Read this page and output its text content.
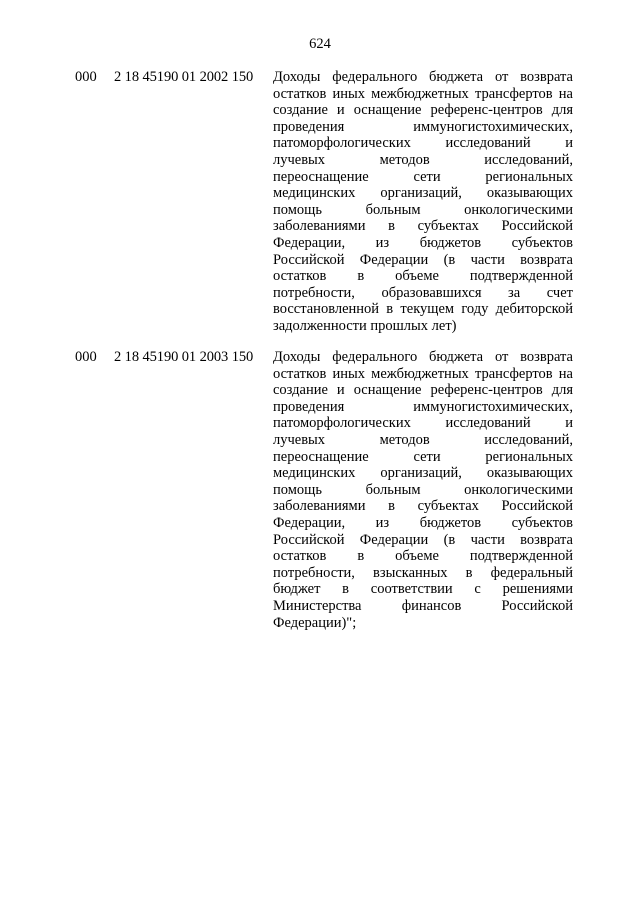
624
000 2 18 45190 01 2002 150 Доходы федерального бюджета от возврата
остатков иных межбюджетных трансфертов на
создание и оснащение референс-центров для
проведения иммуногистохимических,
патоморфологических исследований и
лучевых методов исследований,
переоснащение сети региональных
медицинских организаций, оказывающих
помощь больным онкологическими
заболеваниями в субъектах Российской
Федерации, из бюджетов субъектов
Российской Федерации (в части возврата
остатков в объеме подтвержденной
потребности, образовавшихся за счет
восстановленной в текущем году дебиторской
задолженности прошлых лет)
000 2 18 45190 01 2003 150 Доходы федерального бюджета от возврата
остатков иных межбюджетных трансфертов на
создание и оснащение референс-центров для
проведения иммуногистохимических,
патоморфологических исследований и
лучевых методов исследований,
переоснащение сети региональных
медицинских организаций, оказывающих
помощь больным онкологическими
заболеваниями в субъектах Российской
Федерации, из бюджетов субъектов
Российской Федерации (в части возврата
остатков в объеме подтвержденной
потребности, взысканных в федеральный
бюджет в соответствии с решениями
Министерства финансов Российской
Федерации)";
